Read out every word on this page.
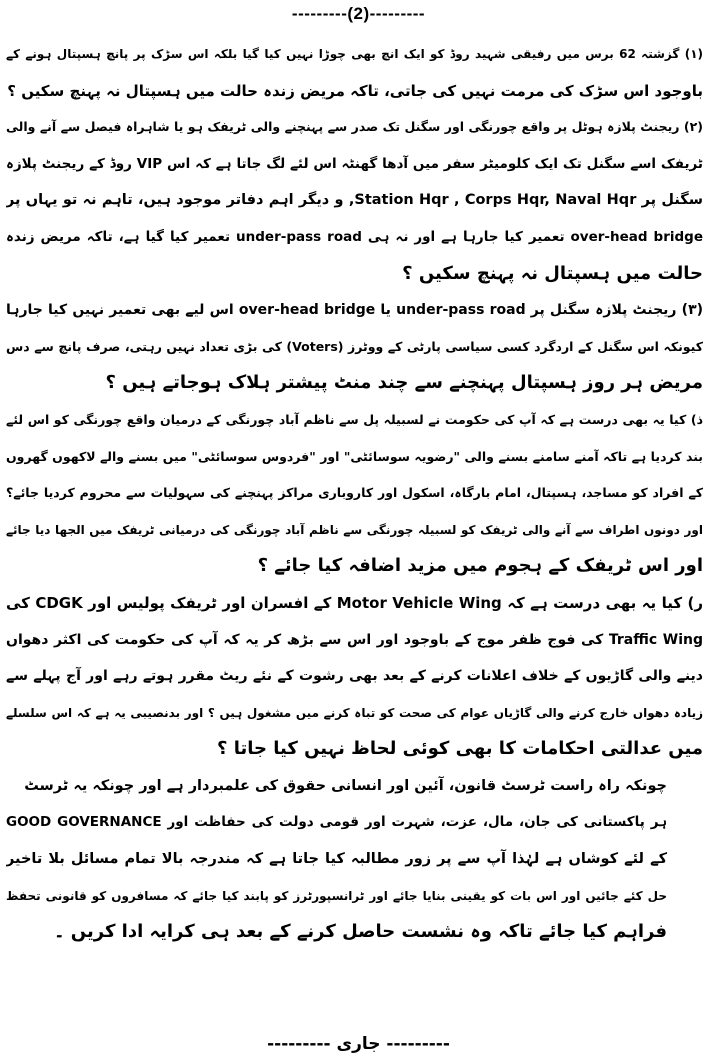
---------(2)---------
(۱) گزشتہ 62 برس میں رفیقی شہید روڈ کو ایک انچ بھی چوڑا نہیں کیا گیا بلکہ اس سڑک پر پانچ ہسپتال ہونے کے
باوجود اس سڑک کی مرمت نہیں کی جاتی، تاکہ مریض زندہ حالت میں ہسپتال نہ پہنچ سکیں ؟
(۲) ریجنٹ پلازہ ہوٹل پر واقع چورنگی اور سگنل تک صدر سے پہنچنے والی ٹریفک ہو یا شاہراہ فیصل سے آنے والی
ٹریفک اسے سگنل تک ایک کلومیٹر سفر میں آدھا گھنٹہ اس لئے لگ جاتا ہے کہ اس VIP روڈ کے ریجنٹ پلازہ
سگنل پر Station Hqr , Corps Hqr, Naval Hqr, و دیگر اہم دفاتر موجود ہیں، تاہم نہ تو یہاں پر
over-head bridge تعمیر کیا جارہا ہے اور نہ ہی under-pass road تعمیر کیا گیا ہے، تاکہ مریض زندہ
حالت میں ہسپتال نہ پہنچ سکیں ؟
(۳) ریجنٹ پلازہ سگنل پر under-pass road یا over-head bridge اس لیے بھی تعمیر نہیں کیا جارہا
کیونکہ اس سگنل کے اردگرد کسی سیاسی پارٹی کے ووٹرز (Voters) کی بڑی تعداد نہیں رہتی، صرف پانچ سے دس
مریض ہر روز ہسپتال پہنچنے سے چند منٹ پیشتر ہلاک ہوجاتے ہیں ؟
ذ) کیا یہ بھی درست ہے کہ آپ کی حکومت نے لسبیلہ پل سے ناظم آباد چورنگی کے درمیان واقع چورنگی کو اس لئے
بند کردیا ہے تاکہ آمنے سامنے بسنے والی "رضویہ سوسائٹی" اور "فردوس سوسائٹی" میں بسنے والے لاکھوں گھروں
کے افراد کو مساجد، ہسپتال، امام بارگاہ، اسکول اور کاروباری مراکز پہنچنے کی سہولیات سے محروم کردیا جائے؟
اور دونوں اطراف سے آنے والی ٹریفک کو لسبیلہ چورنگی سے ناظم آباد چورنگی کی درمیانی ٹریفک میں الجھا دیا جائے
اور اس ٹریفک کے ہجوم میں مزید اضافہ کیا جائے ؟
ر) کیا یہ بھی درست ہے کہ Motor Vehicle Wing کے افسران اور ٹریفک پولیس اور CDGK کی
Traffic Wing کی فوج ظفر موج کے باوجود اور اس سے بڑھ کر یہ کہ آپ کی حکومت کی اکثر دھواں
دینے والی گاڑیوں کے خلاف اعلانات کرنے کے بعد بھی رشوت کے نئے ریٹ مقرر ہوتے رہے اور آج پہلے سے
زیادہ دھواں خارج کرنے والی گاڑیاں عوام کی صحت کو تباہ کرنے میں مشغول ہیں ؟ اور بدنصیبی یہ ہے کہ اس سلسلے
میں عدالتی احکامات کا بھی کوئی لحاظ نہیں کیا جاتا ؟
چونکہ راہ راست ٹرسٹ قانون، آئین اور انسانی حقوق کی علمبردار ہے اور چونکہ یہ ٹرسٹ
ہر پاکستانی کی جان، مال، عزت، شہرت اور قومی دولت کی حفاظت اور GOOD GOVERNANCE
کے لئے کوشاں ہے لہٰذا آپ سے پر زور مطالبہ کیا جاتا ہے کہ مندرجہ بالا تمام مسائل بلا تاخیر
حل کئے جائیں اور اس بات کو یقینی بنایا جائے اور ٹرانسپورٹرز کو پابند کیا جائے کہ مسافروں کو قانونی تحفظ
فراہم کیا جائے تاکہ وہ نشست حاصل کرنے کے بعد ہی کرایہ ادا کریں ۔
--------- جاری ---------
